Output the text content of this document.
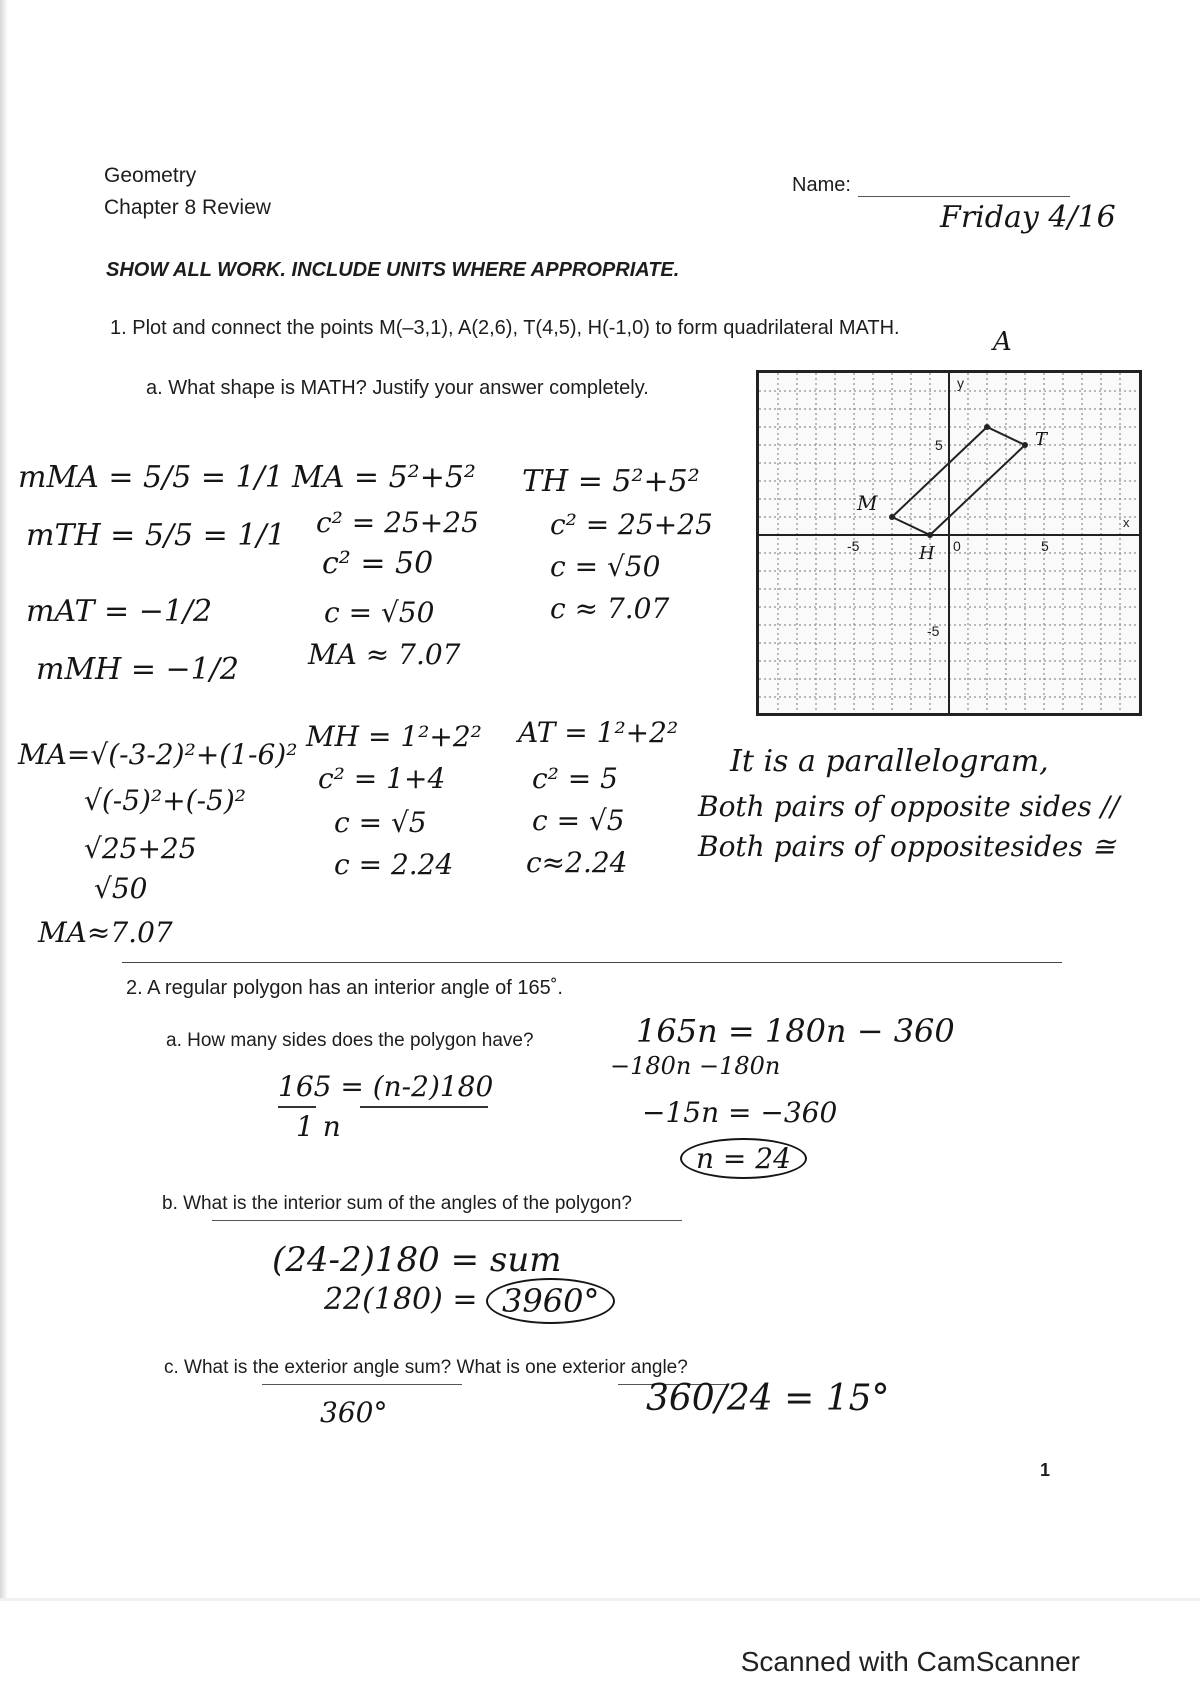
Geometry
Chapter 8 Review
Name:
Friday 4/16
SHOW ALL WORK. INCLUDE UNITS WHERE APPROPRIATE.
1. Plot and connect the points M(–3,1), A(2,6), T(4,5), H(-1,0) to form quadrilateral MATH.
a. What shape is MATH? Justify your answer completely.
mMA = 5/5 = 1/1
mTH = 5/5 = 1/1
mAT = −1/2
mMH = −1/2
MA = 5²+5²
c² = 25+25
c² = 50
c = √50
MA ≈ 7.07
TH = 5²+5²
c² = 25+25
c = √50
c ≈ 7.07
MA=√(-3-2)²+(1-6)²
√(-5)²+(-5)²
√25+25
√50
MA≈7.07
MH = 1²+2²
c² = 1+4
c = √5
c = 2.24
AT = 1²+2²
c² = 5
c = √5
c≈2.24
It is a parallelogram,
Both pairs of opposite sides //
Both pairs of oppositesides ≅
A
y
M
H
T
x
-5	0	5
5
-5
2. A regular polygon has an interior angle of 165˚.
a. How many sides does the polygon have?
165 = (n-2)180
1 n
165n = 180n − 360
−180n −180n
−15n = −360
n = 24
b. What is the interior sum of the angles of the polygon?
(24-2)180 = sum
22(180) = 3960°
c. What is the exterior angle sum? What is one exterior angle?
360°	360/24 = 15°
1
Scanned with CamScanner
